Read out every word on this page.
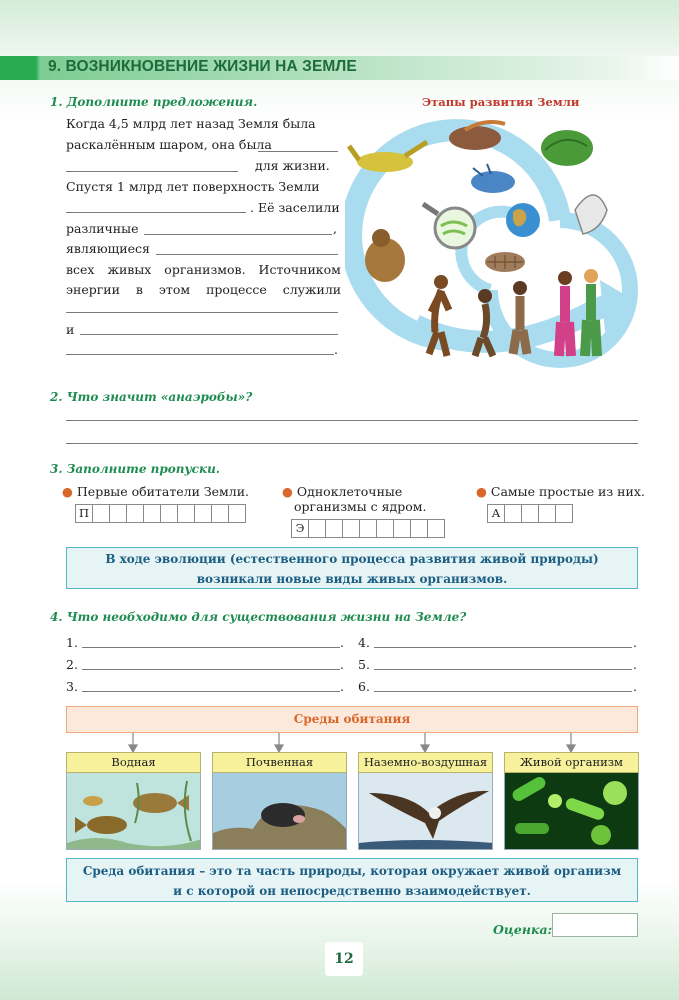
9. ВОЗНИКНОВЕНИЕ ЖИЗНИ НА ЗЕМЛЕ
1. Дополните предложения.
Когда 4,5 млрд лет назад Земля была
раскалённым шаром, она была
для жизни.
Спустя 1 млрд лет поверхность Земли
. Её заселили
различные	,
являющиеся
всех живых организмов. Источником
энергии в этом процессе служили
и
.
Этапы развития Земли
2. Что значит «анаэробы»?
3. Заполните пропуски.
● Первые обитатели Земли.
П
● Одноклеточные
организмы с ядром.
Э
● Самые простые из них.
А
В ходе эволюции (естественного процесса развития живой природы)
возникали новые виды живых организмов.
4. Что необходимо для существования жизни на Земле?
1.	.
2.	.
3.	.
4.	.
5.	.
6.	.
Среды обитания
Водная	Почвенная	Наземно-воздушная	Живой организм
Среда обитания – это та часть природы, которая окружает живой организм
и с которой он непосредственно взаимодействует.
Оценка:
12
